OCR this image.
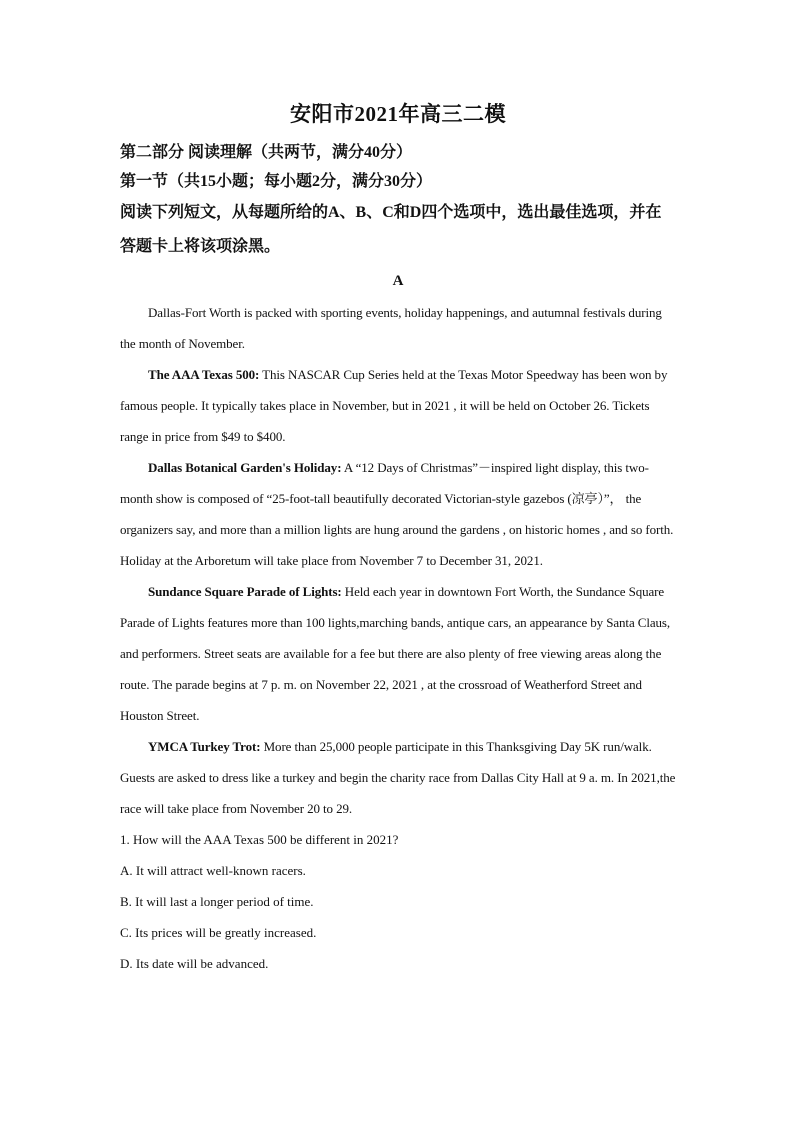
安阳市2021年高三二模

第二部分 阅读理解（共两节，满分40分）

第一节（共15小题；每小题2分，满分30分）

阅读下列短文，从每题所给的A、B、C和D四个选项中，选出最佳选项，并在答题卡上将该项涂黑。

A

Dallas-Fort Worth is packed with sporting events, holiday happenings, and autumnal festivals during the month of November.

The AAA Texas 500: This NASCAR Cup Series held at the Texas Motor Speedway has been won by famous people. It typically takes place in November, but in 2021 , it will be held on October 26. Tickets range in price from $49 to $400.

Dallas Botanical Garden's Holiday: A “12 Days of Christmas”－inspired light display, this two-month show is composed of “25-foot-tall beautifully decorated Victorian-style gazebos (凉亭）”， the organizers say, and more than a million lights are hung around the gardens , on historic homes , and so forth. Holiday at the Arboretum will take place from November 7 to December 31, 2021.

Sundance Square Parade of Lights: Held each year in downtown Fort Worth, the Sundance Square Parade of Lights features more than 100 lights,marching bands, antique cars, an appearance by Santa Claus, and performers. Street seats are available for a fee but there are also plenty of free viewing areas along the route. The parade begins at 7 p. m. on November 22, 2021 , at the crossroad of Weatherford Street and Houston Street.

YMCA Turkey Trot: More than 25,000 people participate in this Thanksgiving Day 5K run/walk. Guests are asked to dress like a turkey and begin the charity race from Dallas City Hall at 9 a. m. In 2021,the race will take place from November 20 to 29.

1. How will the AAA Texas 500 be different in 2021?

A. It will attract well-known racers.

B. It will last a longer period of time.

C. Its prices will be greatly increased.

D. Its date will be advanced.
